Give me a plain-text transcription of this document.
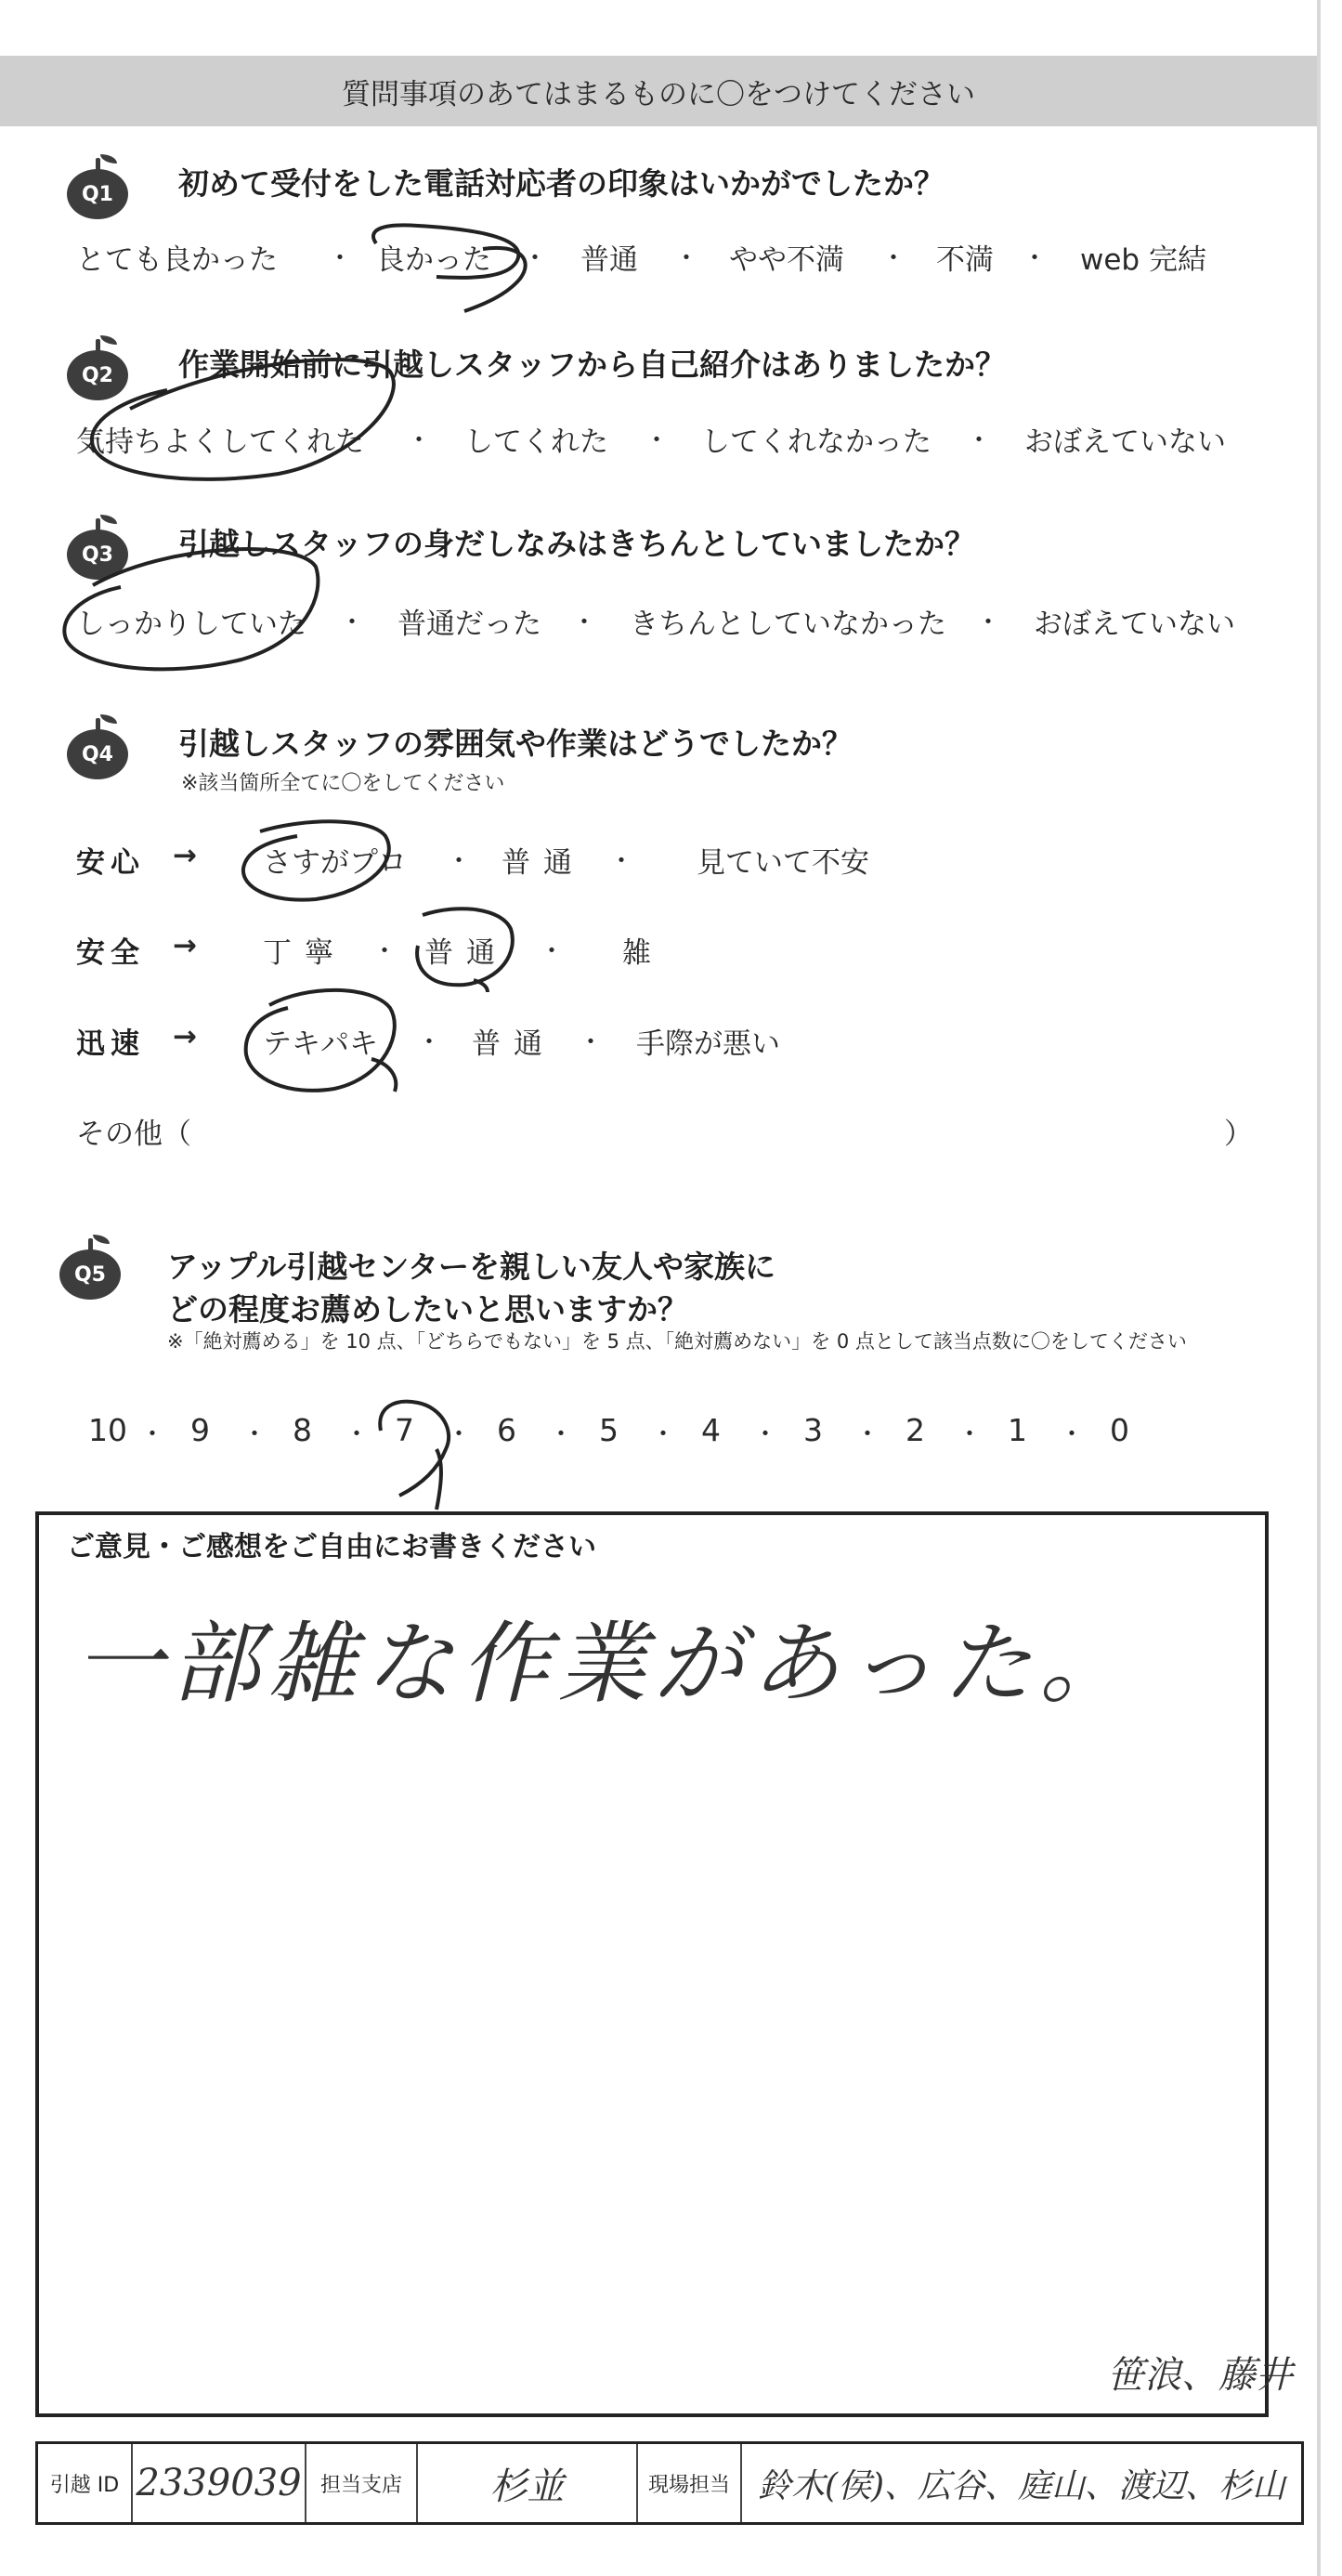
質問事項のあてはまるものに〇をつけてください
Q1	初めて受付をした電話対応者の印象はいかがでしたか？
とても良かった ・ 良かった ・ 普通 ・ やや不満 ・ 不満 ・ web 完結
Q2	作業開始前に引越しスタッフから自己紹介はありましたか？
気持ちよくしてくれた ・ してくれた ・ してくれなかった ・ おぼえていない
Q3	引越しスタッフの身だしなみはきちんとしていましたか？
しっかりしていた ・ 普通だった ・ きちんとしていなかった ・ おぼえていない
Q4	引越しスタッフの雰囲気や作業はどうでしたか？
※該当箇所全てに〇をしてください
安心 → さすがプロ ・ 普通 ・ 見ていて不安
安全 → 丁寧 ・ 普通 ・ 雑
迅速 → テキパキ ・ 普通 ・ 手際が悪い
その他（	）
Q5	アップル引越センターを親しい友人や家族に
どの程度お薦めしたいと思いますか？
※「絶対薦める」を 10 点、「どちらでもない」を 5 点、「絶対薦めない」を 0 点として該当点数に〇をしてください
10 ・ 9 ・ 8 ・ 7 ・ 6 ・ 5 ・ 4 ・ 3 ・ 2 ・ 1 ・ 0
ご意見・ご感想をご自由にお書きください
一部雑な作業があった。
笹浪、藤井
引越 ID 2339039 担当支店	杉並	現場担当 鈴木(侯)、広谷、庭山、渡辺、杉山
